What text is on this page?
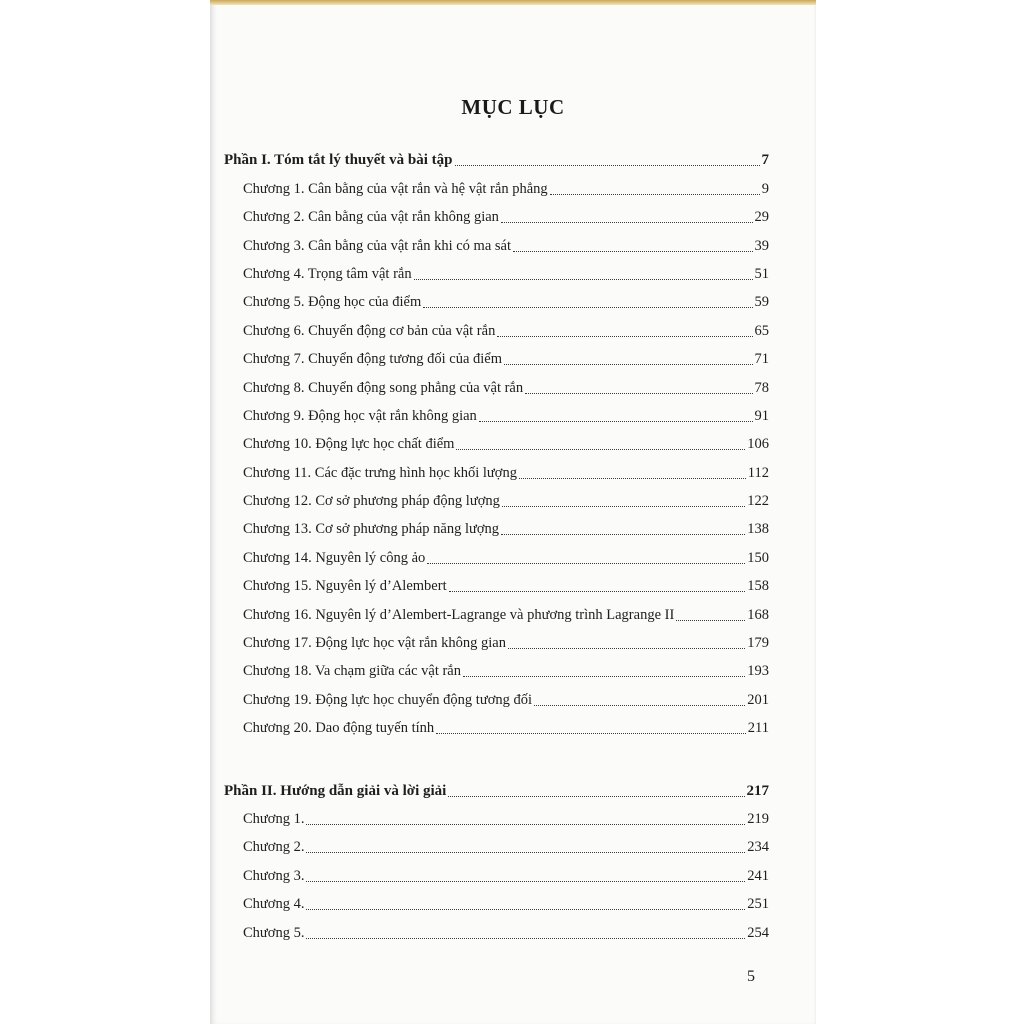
MỤC LỤC
Phần I. Tóm tắt lý thuyết và bài tập	7
Chương 1. Cân bằng của vật rắn và hệ vật rắn phẳng	9
Chương 2. Cân bằng của vật rắn không gian	29
Chương 3. Cân bằng của vật rắn khi có ma sát	39
Chương 4. Trọng tâm vật rắn	51
Chương 5. Động học của điểm	59
Chương 6. Chuyển động cơ bản của vật rắn	65
Chương 7. Chuyển động tương đối của điểm	71
Chương 8. Chuyển động song phẳng của vật rắn	78
Chương 9. Động học vật rắn không gian	91
Chương 10. Động lực học chất điểm	106
Chương 11. Các đặc trưng hình học khối lượng	112
Chương 12. Cơ sở phương pháp động lượng	122
Chương 13. Cơ sở phương pháp năng lượng	138
Chương 14. Nguyên lý công ảo	150
Chương 15. Nguyên lý d’Alembert	158
Chương 16. Nguyên lý d’Alembert-Lagrange và phương trình Lagrange II	168
Chương 17. Động lực học vật rắn không gian	179
Chương 18. Va chạm giữa các vật rắn	193
Chương 19. Động lực học chuyển động tương đối	201
Chương 20. Dao động tuyến tính	211
Phần II. Hướng dẫn giải và lời giải	217
Chương 1.	219
Chương 2.	234
Chương 3.	241
Chương 4.	251
Chương 5.	254
5
